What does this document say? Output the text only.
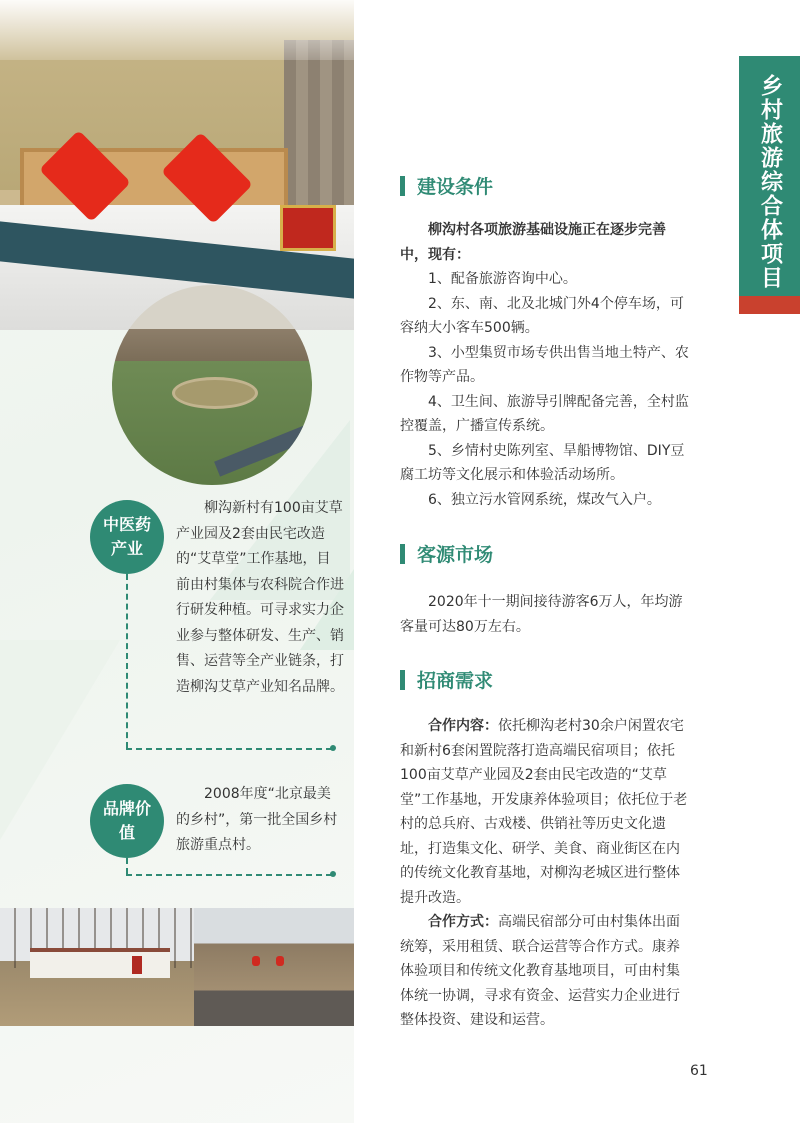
中医药产业
柳沟新村有100亩艾草产业园及2套由民宅改造的“艾草堂”工作基地，目前由村集体与农科院合作进行研发种植。可寻求实力企业参与整体研发、生产、销售、运营等全产业链条，打造柳沟艾草产业知名品牌。
品牌价值
2008年度“北京最美的乡村”，第一批全国乡村旅游重点村。
乡村旅游综合体项目
建设条件

柳沟村各项旅游基础设施正在逐步完善中，现有：

1、配备旅游咨询中心。

2、东、南、北及北城门外4个停车场，可容纳大小客车500辆。

3、小型集贸市场专供出售当地土特产、农作物等产品。

4、卫生间、旅游导引牌配备完善，全村监控覆盖，广播宣传系统。

5、乡情村史陈列室、旱船博物馆、DIY豆腐工坊等文化展示和体验活动场所。

6、独立污水管网系统，煤改气入户。

客源市场

2020年十一期间接待游客6万人，年均游客量可达80万左右。

招商需求

合作内容：依托柳沟老村30余户闲置农宅和新村6套闲置院落打造高端民宿项目；依托100亩艾草产业园及2套由民宅改造的“艾草堂”工作基地，开发康养体验项目；依托位于老村的总兵府、古戏楼、供销社等历史文化遗址，打造集文化、研学、美食、商业街区在内的传统文化教育基地，对柳沟老城区进行整体提升改造。

合作方式：高端民宿部分可由村集体出面统筹，采用租赁、联合运营等合作方式。康养体验项目和传统文化教育基地项目，可由村集体统一协调，寻求有资金、运营实力企业进行整体投资、建设和运营。

61
